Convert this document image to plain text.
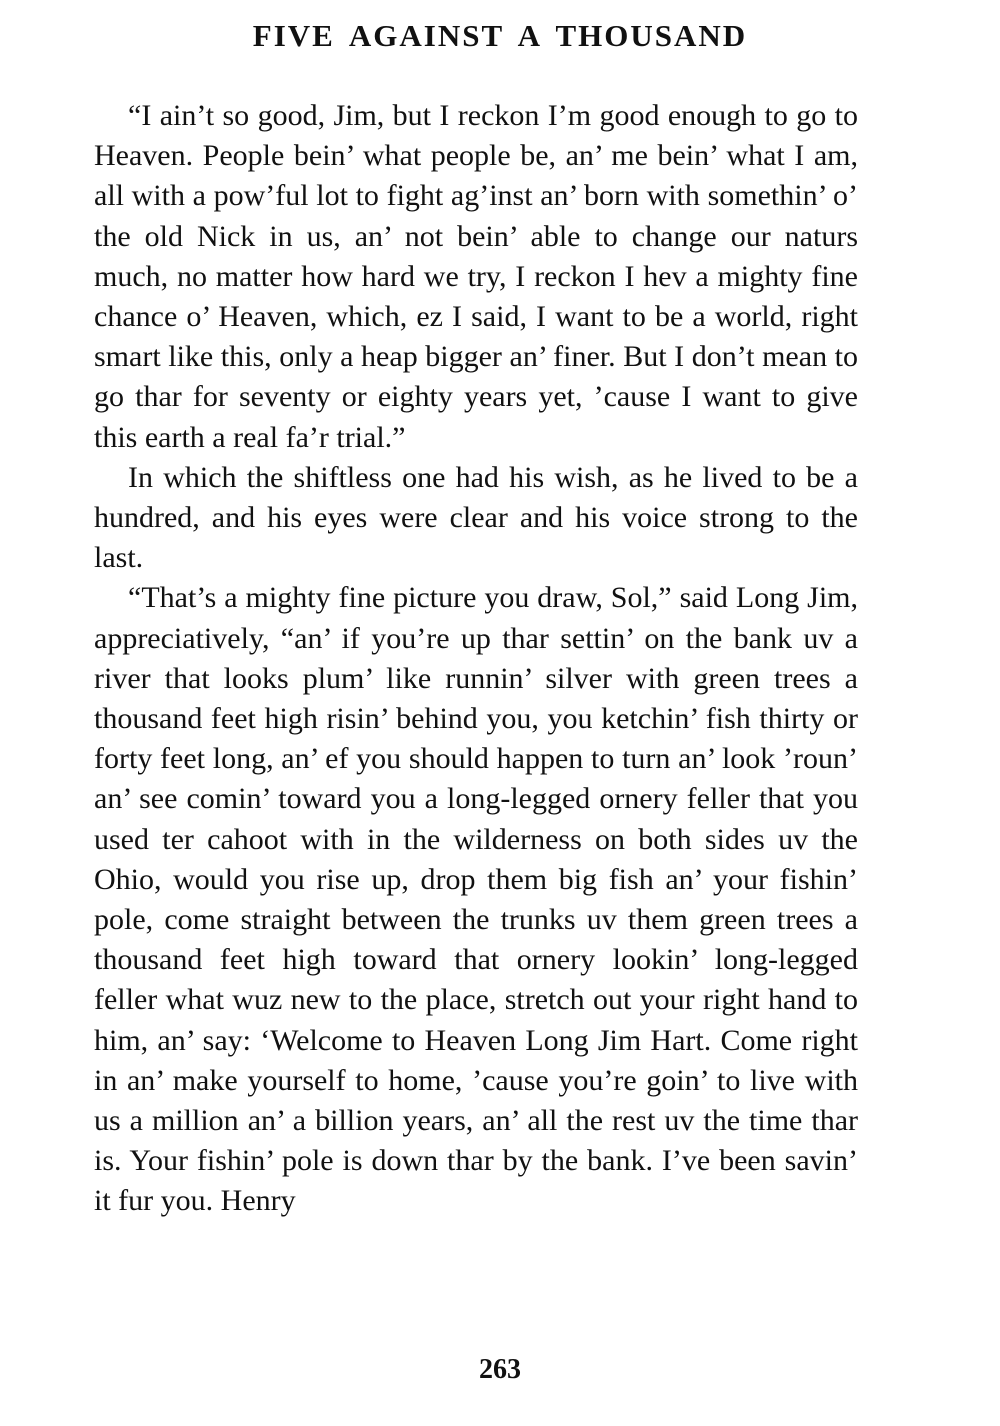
FIVE AGAINST A THOUSAND

“I ain’t so good, Jim, but I reckon I’m good enough to go to Heaven. People bein’ what people be, an’ me bein’ what I am, all with a pow’ful lot to fight ag’inst an’ born with somethin’ o’ the old Nick in us, an’ not bein’ able to change our naturs much, no matter how hard we try, I reckon I hev a mighty fine chance o’ Heaven, which, ez I said, I want to be a world, right smart like this, only a heap bigger an’ finer. But I don’t mean to go thar for seventy or eighty years yet, ’cause I want to give this earth a real fa’r trial.”

In which the shiftless one had his wish, as he lived to be a hundred, and his eyes were clear and his voice strong to the last.

“That’s a mighty fine picture you draw, Sol,” said Long Jim, appreciatively, “an’ if you’re up thar settin’ on the bank uv a river that looks plum’ like runnin’ silver with green trees a thousand feet high risin’ behind you, you ketchin’ fish thirty or forty feet long, an’ ef you should happen to turn an’ look ’roun’ an’ see comin’ toward you a long-legged ornery feller that you used ter cahoot with in the wilderness on both sides uv the Ohio, would you rise up, drop them big fish an’ your fishin’ pole, come straight between the trunks uv them green trees a thousand feet high toward that ornery lookin’ long-legged feller what wuz new to the place, stretch out your right hand to him, an’ say: ‘Welcome to Heaven Long Jim Hart. Come right in an’ make yourself to home, ’cause you’re goin’ to live with us a million an’ a billion years, an’ all the rest uv the time thar is. Your fishin’ pole is down thar by the bank. I’ve been savin’ it fur you. Henry

263
